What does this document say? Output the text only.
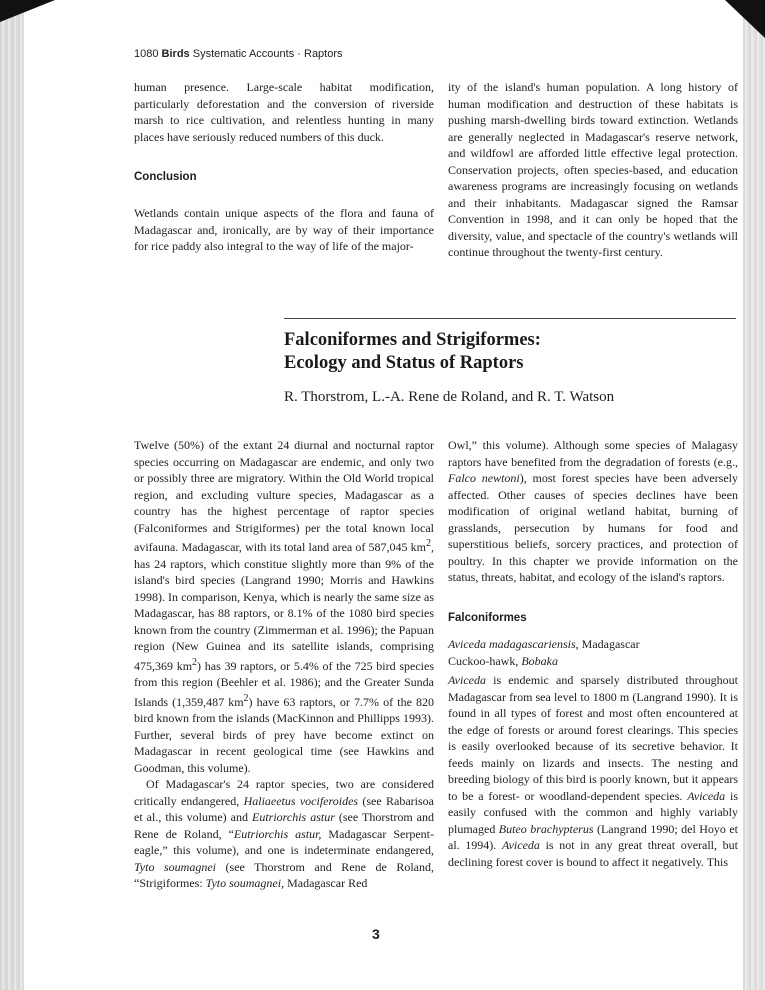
1080 Birds Systematic Accounts · Raptors

human presence. Large-scale habitat modification, particularly deforestation and the conversion of riverside marsh to rice cultivation, and relentless hunting in many places have seriously reduced numbers of this duck.

Conclusion

Wetlands contain unique aspects of the flora and fauna of Madagascar and, ironically, are by way of their importance for rice paddy also integral to the way of life of the major-

ity of the island's human population. A long history of human modification and destruction of these habitats is pushing marsh-dwelling birds toward extinction. Wetlands are generally neglected in Madagascar's reserve network, and wildfowl are afforded little effective legal protection. Conservation projects, often species-based, and education awareness programs are increasingly focusing on wetlands and their inhabitants. Madagascar signed the Ramsar Convention in 1998, and it can only be hoped that the diversity, value, and spectacle of the country's wetlands will continue throughout the twenty-first century.

Falconiformes and Strigiformes:
Ecology and Status of Raptors
R. Thorstrom, L.-A. Rene de Roland, and R. T. Watson

Twelve (50%) of the extant 24 diurnal and nocturnal raptor species occurring on Madagascar are endemic, and only two or possibly three are migratory. Within the Old World tropical region, and excluding vulture species, Madagascar as a country has the highest percentage of raptor species (Falconiformes and Strigiformes) per the total known local avifauna. Madagascar, with its total land area of 587,045 $km^2$, has 24 raptors, which constitue slightly more than 9% of the island's bird species (Langrand 1990; Morris and Hawkins 1998). In comparison, Kenya, which is nearly the same size as Madagascar, has 88 raptors, or 8.1% of the 1080 bird species known from the country (Zimmerman et al. 1996); the Papuan region (New Guinea and its satellite islands, comprising 475,369 $km^2$) has 39 raptors, or 5.4% of the 725 bird species from this region (Beehler et al. 1986); and the Greater Sunda Islands (1,359,487 $km^2$) have 63 raptors, or 7.7% of the 820 bird known from the islands (MacKinnon and Phillipps 1993). Further, several birds of prey have become extinct on Madagascar in recent geological time (see Hawkins and Goodman, this volume).

Of Madagascar's 24 raptor species, two are considered critically endangered, Haliaeetus vociferoides (see Rabarisoa et al., this volume) and Eutriorchis astur (see Thorstrom and Rene de Roland, “Eutriorchis astur, Madagascar Serpent-eagle,” this volume), and one is indeterminate endangered, Tyto soumagnei (see Thorstrom and Rene de Roland, “Strigiformes: Tyto soumagnei, Madagascar Red

Owl,” this volume). Although some species of Malagasy raptors have benefited from the degradation of forests (e.g., Falco newtoni), most forest species have been adversely affected. Other causes of species declines have been modification of original wetland habitat, burning of grasslands, persecution by humans for food and superstitious beliefs, sorcery practices, and protection of poultry. In this chapter we provide information on the status, threats, habitat, and ecology of the island's raptors.

Falconiformes
Aviceda madagascariensis, Madagascar
Cuckoo-hawk, Bobaka

Aviceda is endemic and sparsely distributed throughout Madagascar from sea level to 1800 m (Langrand 1990). It is found in all types of forest and most often encountered at the edge of forests or around forest clearings. This species is easily overlooked because of its secretive behavior. It feeds mainly on lizards and insects. The nesting and breeding biology of this bird is poorly known, but it appears to be a forest- or woodland-dependent species. Aviceda is easily confused with the common and highly variably plumaged Buteo brachypterus (Langrand 1990; del Hoyo et al. 1994). Aviceda is not in any great threat overall, but declining forest cover is bound to affect it negatively. This

3
